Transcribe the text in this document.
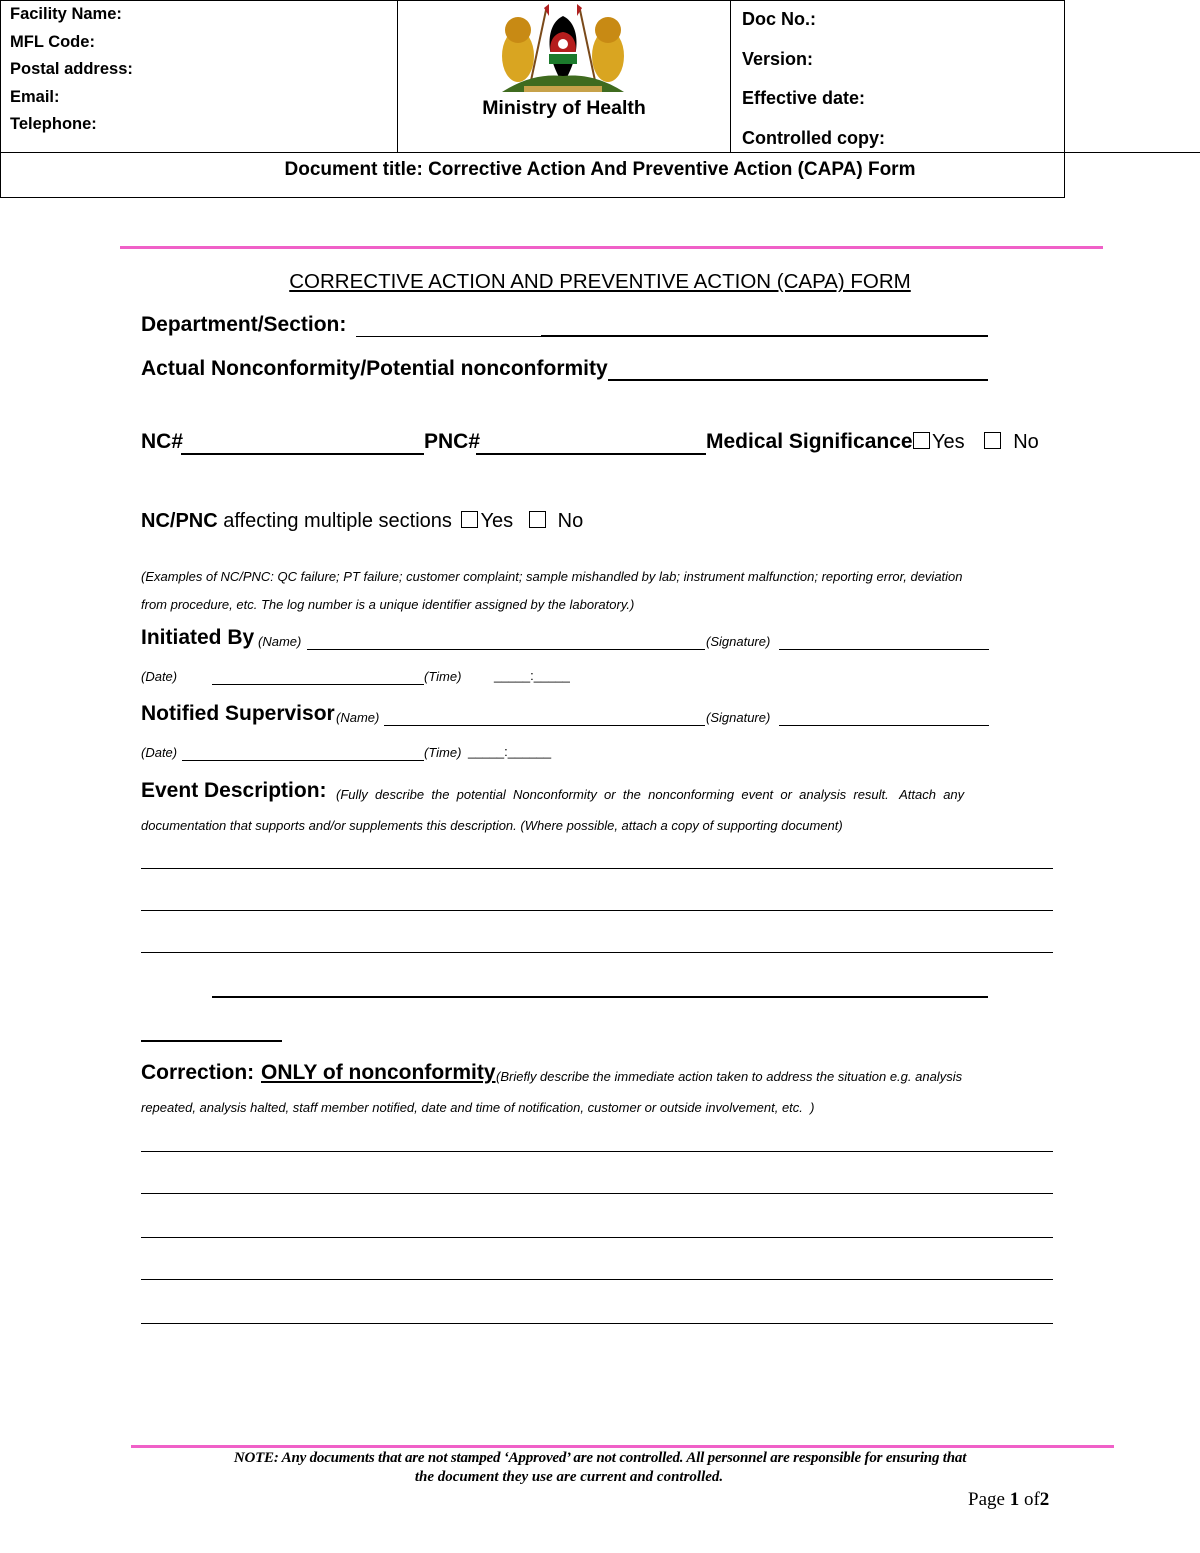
Facility Name:
MFL Code:
Postal address:
Email:
Telephone:
Ministry of Health
Doc No.:
Version:
Effective date:
Controlled copy:
Document title: Corrective Action And Preventive Action (CAPA) Form
CORRECTIVE ACTION AND PREVENTIVE ACTION (CAPA) FORM
Department/Section:
Actual Nonconformity/Potential nonconformity
NC#	PNC#	Medical Significance Yes No
NC/PNC affecting multiple sections Yes No
(Examples of NC/PNC: QC failure; PT failure; customer complaint; sample mishandled by lab; instrument malfunction; reporting error, deviation
from procedure, etc. The log number is a unique identifier assigned by the laboratory.)
Initiated By (Name)	(Signature)
(Date)	(Time)	_____:_____
Notified Supervisor (Name)	(Signature)
(Date)	(Time) _____:______
Event Description: (Fully  describe  the  potential  Nonconformity  or  the  nonconforming  event  or  analysis  result.   Attach  any
documentation that supports and/or supplements this description. (Where possible, attach a copy of supporting document)
Correction: ONLY of nonconformity (Briefly describe the immediate action taken to address the situation e.g. analysis
repeated, analysis halted, staff member notified, date and time of notification, customer or outside involvement, etc.  )
NOTE: Any documents that are not stamped ‘Approved’ are not controlled. All personnel are responsible for ensuring that
the document they use are current and controlled.
Page 1 of2
